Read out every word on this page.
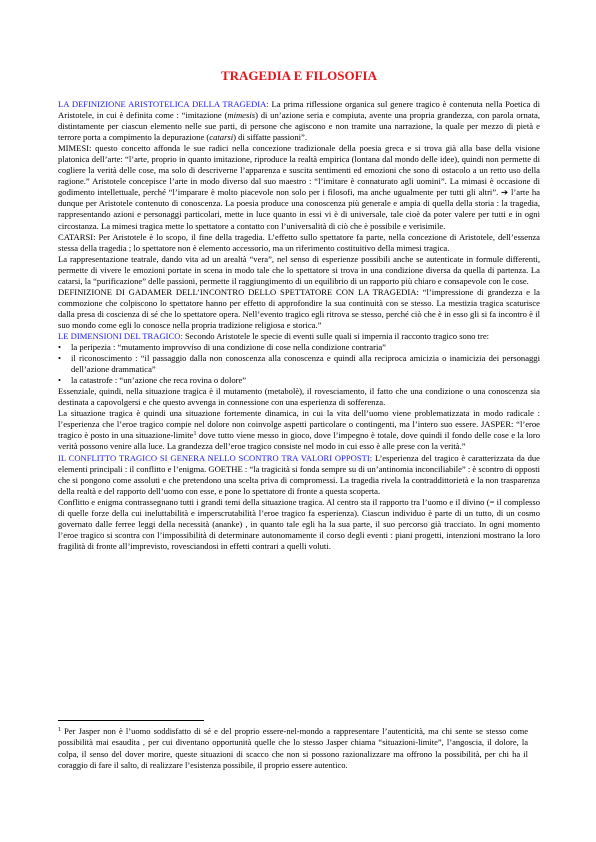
TRAGEDIA E FILOSOFIA

LA DEFINIZIONE ARISTOTELICA DELLA TRAGEDIA: La prima riflessione organica sul genere tragico è contenuta nella Poetica di Aristotele, in cui è definita come : “imitazione (mimesis) di un’azione seria e compiuta, avente una propria grandezza, con parola ornata, distintamente per ciascun elemento nelle sue parti, di persone che agiscono e non tramite una narrazione, la quale per mezzo di pietà e terrore porta a compimento la depurazione (catarsi) di siffatte passioni”.

MIMESI: questo concetto affonda le sue radici nella concezione tradizionale della poesia greca e si trova già alla base della visione platonica dell’arte: “l’arte, proprio in quanto imitazione, riproduce la realtà empirica (lontana dal mondo delle idee), quindi non permette di cogliere la verità delle cose, ma solo di descriverne l’apparenza e suscita sentimenti ed emozioni che sono di ostacolo a un retto uso della ragione.” Aristotele concepisce l’arte in modo diverso dal suo maestro : “l’imitare è connaturato agli uomini”. La mimasi è occasione di godimento intellettuale, perché “l’imparare è molto piacevole non solo per i filosofi, ma anche ugualmente per tutti gli altri”. ➔ l’arte ha dunque per Aristotele contenuto di conoscenza. La poesia produce una conoscenza più generale e ampia di quella della storia : la tragedia, rappresentando azioni e personaggi particolari, mette in luce quanto in essi vi è di universale, tale cioè da poter valere per tutti e in ogni circostanza. La mimesi tragica mette lo spettatore a contatto con l’universalità di ciò che è possibile e verisimile.

CATARSI: Per Aristotele è lo scopo, il fine della tragedia. L’effetto sullo spettatore fa parte, nella concezione di Aristotele, dell’essenza stessa della tragedia ; lo spettatore non è elemento accessorio, ma un riferimento costituitivo della mimesi tragica.

La rappresentazione teatrale, dando vita ad un arealtà “vera”, nel senso di esperienze possibili anche se autenticate in formule differenti, permette di vivere le emozioni portate in scena in modo tale che lo spettatore si trova in una condizione diversa da quella di partenza. La catarsi, la “purificazione” delle passioni, permette il raggiungimento di un equilibrio di un rapporto più chiaro e consapevole con le cose.

DEFINIZIONE DI GADAMER DELL’INCONTRO DELLO SPETTATORE CON LA TRAGEDIA: “l’impressione di grandezza e la commozione che colpiscono lo spettatore hanno per effetto di approfondire la sua continuità con se stesso. La mestizia tragica scaturisce dalla presa di coscienza di sé che lo spettatore opera. Nell’evento tragico egli ritrova se stesso, perché ciò che è in esso gli si fa incontro è il suo mondo come egli lo conosce nella propria tradizione religiosa e storica.”

LE DIMENSIONI DEL TRAGICO: Secondo Aristotele le specie di eventi sulle quali si impernia il racconto tragico sono tre:

• la peripezia : “mutamento improvviso di una condizione di cose nella condizione contraria”
• il riconoscimento : “il passaggio dalla non conoscenza alla conoscenza e quindi alla reciproca amicizia o inamicizia dei personaggi dell’azione drammatica”
• la catastrofe : “un’azione che reca rovina o dolore”

Essenziale, quindi, nella situazione tragica è il mutamento (metabolè), il rovesciamento, il fatto che una condizione o una conoscenza sia destinata a capovolgersi e che questo avvenga in connessione con una esperienza di sofferenza.

La situazione tragica è quindi una situazione fortemente dinamica, in cui la vita dell’uomo viene problematizzata in modo radicale : l’esperienza che l’eroe tragico compie nel dolore non coinvolge aspetti particolare o contingenti, ma l’intero suo essere. JASPER: “l’eroe tragico è posto in una situazione-limite$^1$ dove tutto viene messo in gioco, dove l’impegno è totale, dove quindi il fondo delle cose e la loro verità possono venire alla luce. La grandezza dell’eroe tragico consiste nel modo in cui esso è alle prese con la verità.”

IL CONFLITTO TRAGICO SI GENERA NELLO SCONTRO TRA VALORI OPPOSTI: L’esperienza del tragico è caratterizzata da due elementi principali : il conflitto e l’enigma. GOETHE : “la tragicità si fonda sempre su di un’antinomia inconciliabile” : è scontro di opposti che si pongono come assoluti e che pretendono una scelta priva di compromessi. La tragedia rivela la contraddittorietà e la non trasparenza della realtà e del rapporto dell’uomo con esse, e pone lo spettatore di fronte a questa scoperta.

Conflitto e enigma contrassegnano tutti i grandi temi della situazione tragica. Al centro sta il rapporto tra l’uomo e il divino (= il complesso di quelle forze della cui ineluttabilità e imperscrutabilità l’eroe tragico fa esperienza). Ciascun individuo è parte di un tutto, di un cosmo governato dalle ferree leggi della necessità (ananke) , in quanto tale egli ha la sua parte, il suo percorso già tracciato. In ogni momento l’eroe tragico si scontra con l’impossibilità di determinare autonomamente il corso degli eventi : piani progetti, intenzioni mostrano la loro fragilità di fronte all’imprevisto, rovesciandosi in effetti contrari a quelli voluti.

$^1$ Per Jasper non è l’uomo soddisfatto di sé e del proprio essere-nel-mondo a rappresentare l’autenticità, ma chi sente se stesso come possibilità mai esaudita , per cui diventano opportunità quelle che lo stesso Jasper chiama “situazioni-limite”, l’angoscia, il dolore, la colpa, il senso del dover morire, queste situazioni di scacco che non si possono razionalizzare ma offrono la possibilità, per chi ha il coraggio di fare il salto, di realizzare l’esistenza possibile, il proprio essere autentico.
